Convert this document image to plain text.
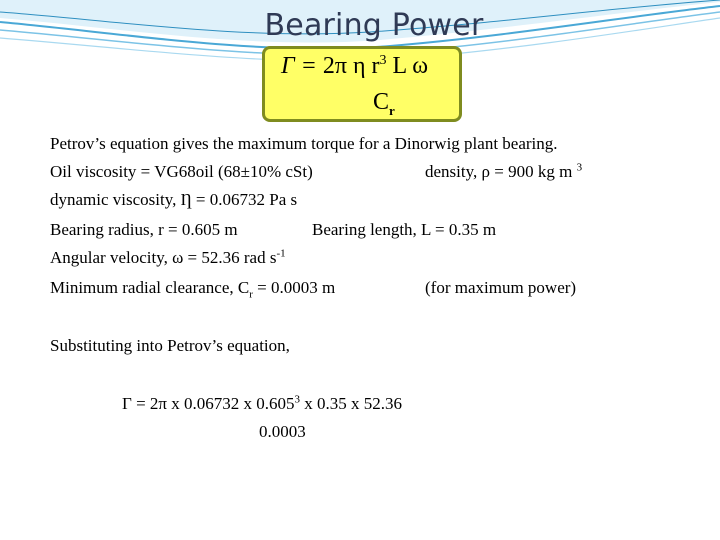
Bearing Power
Γ = 2π η $r^3$ L ω
$C_r$
Petrov’s equation gives the maximum torque for a Dinorwig plant bearing.
Oil viscosity = VG68oil (68±10% cSt)	density, ρ = 900 kg m $^3$
dynamic viscosity, Ƞ = 0.06732 Pa s
Bearing radius, r = 0.605 m	Bearing length, L = 0.35 m
Angular velocity, ω = 52.36 rad $s^{-1}$
Minimum radial clearance, $C_r = 0.0003$ m	(for maximum power)
Substituting into Petrov’s equation,
Γ = 2π x 0.06732 x 0.605$^3$ x 0.35 x 52.36
0.0003
